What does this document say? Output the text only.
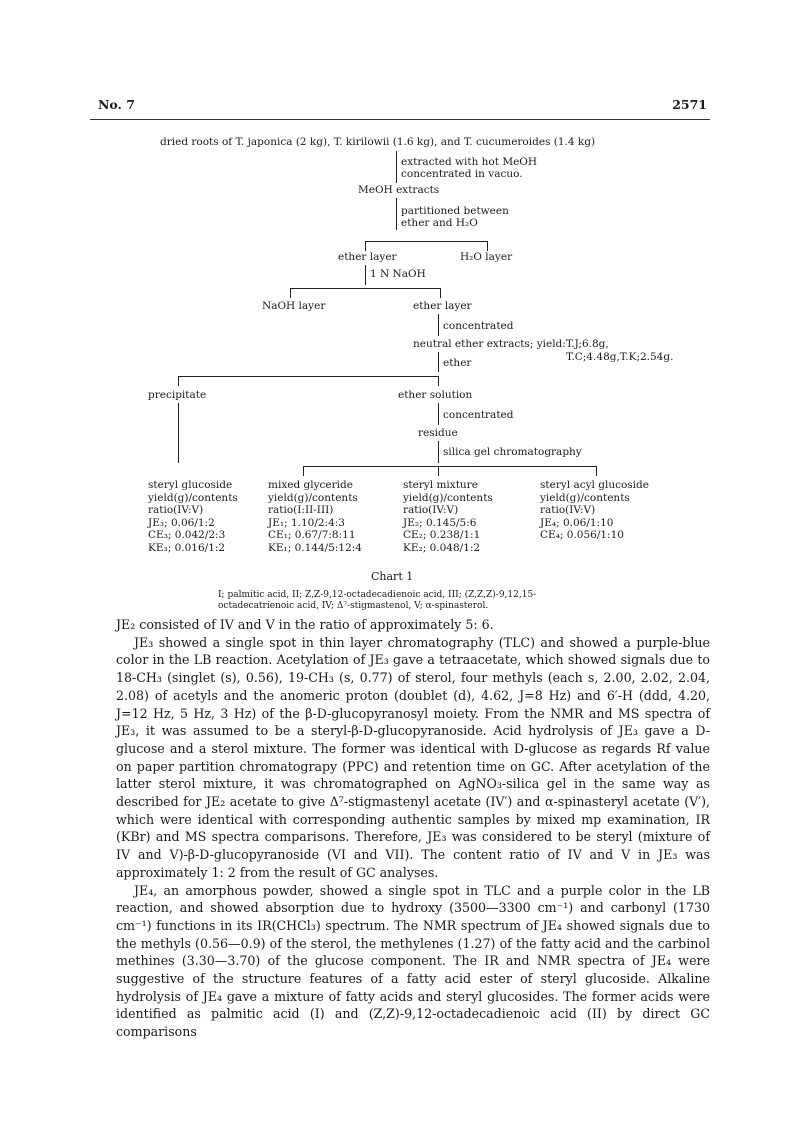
No. 7	2571
dried roots of T. japonica (2 kg), T. kirilowii (1.6 kg), and T. cucumeroides (1.4 kg)
extracted with hot MeOH
concentrated in vacuo.
MeOH extracts
partitioned between
ether and H₂O
ether layer	H₂O layer
1 N NaOH
NaOH layer	ether layer
concentrated
neutral ether extracts; yield:T.J;6.8g,
T.C;4.48g,T.K;2.54g.
ether
precipitate	ether solution
concentrated
residue
silica gel chromatography
steryl glucoside
yield(g)/contents
ratio(IV:V)
JE₃; 0.06/1:2
CE₃; 0.042/2:3
KE₃; 0.016/1:2
mixed glyceride
yield(g)/contents
ratio(I:II-III)
JE₁; 1.10/2:4:3
CE₁; 0.67/7:8:11
KE₁; 0.144/5:12:4
steryl mixture
yield(g)/contents
ratio(IV:V)
JE₂; 0.145/5:6
CE₂; 0.238/1:1
KE₂; 0.048/1:2
steryl acyl glucoside
yield(g)/contents
ratio(IV:V)
JE₄; 0.06/1:10
CE₄; 0.056/1:10
Chart 1
I; palmitic acid, II; Z,Z-9,12-octadecadienoic acid, III; (Z,Z,Z)-9,12,15-octadecatrienoic acid, IV; Δ⁷-stigmastenol, V; α-spinasterol.

JE₂ consisted of IV and V in the ratio of approximately 5: 6.

JE₃ showed a single spot in thin layer chromatography (TLC) and showed a purple-blue color in the LB reaction. Acetylation of JE₃ gave a tetraacetate, which showed signals due to 18-CH₃ (singlet (s), 0.56), 19-CH₃ (s, 0.77) of sterol, four methyls (each s, 2.00, 2.02, 2.04, 2.08) of acetyls and the anomeric proton (doublet (d), 4.62, J=8 Hz) and 6′-H (ddd, 4.20, J=12 Hz, 5 Hz, 3 Hz) of the β-D-glucopyranosyl moiety. From the NMR and MS spectra of JE₃, it was assumed to be a steryl-β-D-glucopyranoside. Acid hydrolysis of JE₃ gave a D-glucose and a sterol mixture. The former was identical with D-glucose as regards Rf value on paper partition chromatograpy (PPC) and retention time on GC. After acetylation of the latter sterol mixture, it was chromatographed on AgNO₃-silica gel in the same way as described for JE₂ acetate to give Δ⁷-stigmastenyl acetate (IV′) and α-spinasteryl acetate (V′), which were identical with corresponding authentic samples by mixed mp examination, IR (KBr) and MS spectra comparisons. Therefore, JE₃ was considered to be steryl (mixture of IV and V)-β-D-glucopyranoside (VI and VII). The content ratio of IV and V in JE₃ was approximately 1: 2 from the result of GC analyses.

JE₄, an amorphous powder, showed a single spot in TLC and a purple color in the LB reaction, and showed absorption due to hydroxy (3500—3300 cm⁻¹) and carbonyl (1730 cm⁻¹) functions in its IR(CHCl₃) spectrum. The NMR spectrum of JE₄ showed signals due to the methyls (0.56—0.9) of the sterol, the methylenes (1.27) of the fatty acid and the carbinol methines (3.30—3.70) of the glucose component. The IR and NMR spectra of JE₄ were suggestive of the structure features of a fatty acid ester of steryl glucoside. Alkaline hydrolysis of JE₄ gave a mixture of fatty acids and steryl glucosides. The former acids were identified as palmitic acid (I) and (Z,Z)-9,12-octadecadienoic acid (II) by direct GC comparisons
